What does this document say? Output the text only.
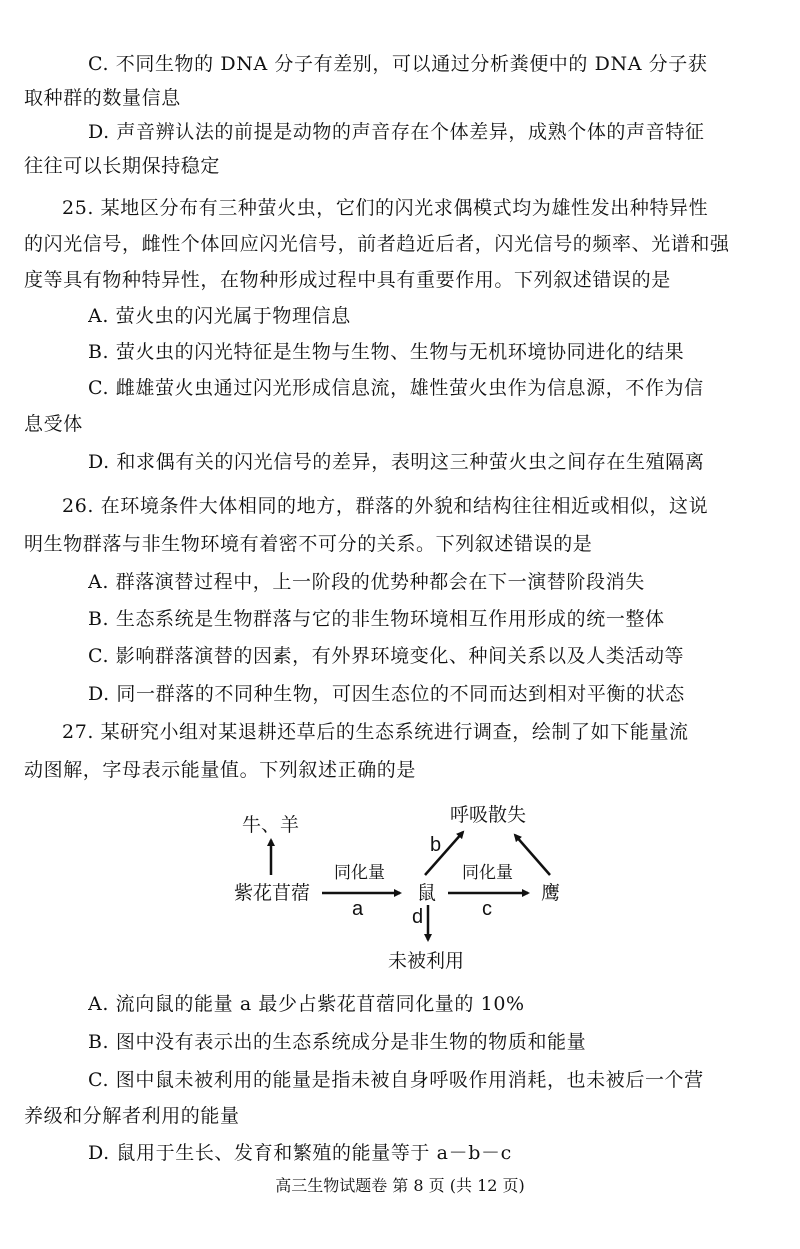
C. 不同生物的 DNA 分子有差别，可以通过分析粪便中的 DNA 分子获
取种群的数量信息
D. 声音辨认法的前提是动物的声音存在个体差异，成熟个体的声音特征
往往可以长期保持稳定
25. 某地区分布有三种萤火虫，它们的闪光求偶模式均为雄性发出种特异性
的闪光信号，雌性个体回应闪光信号，前者趋近后者，闪光信号的频率、光谱和强
度等具有物种特异性，在物种形成过程中具有重要作用。下列叙述错误的是
A. 萤火虫的闪光属于物理信息
B. 萤火虫的闪光特征是生物与生物、生物与无机环境协同进化的结果
C. 雌雄萤火虫通过闪光形成信息流，雄性萤火虫作为信息源，不作为信
息受体
D. 和求偶有关的闪光信号的差异，表明这三种萤火虫之间存在生殖隔离
26. 在环境条件大体相同的地方，群落的外貌和结构往往相近或相似，这说
明生物群落与非生物环境有着密不可分的关系。下列叙述错误的是
A. 群落演替过程中，上一阶段的优势种都会在下一演替阶段消失
B. 生态系统是生物群落与它的非生物环境相互作用形成的统一整体
C. 影响群落演替的因素，有外界环境变化、种间关系以及人类活动等
D. 同一群落的不同种生物，可因生态位的不同而达到相对平衡的状态
27. 某研究小组对某退耕还草后的生态系统进行调查，绘制了如下能量流
动图解，字母表示能量值。下列叙述正确的是
牛、羊
紫花苜蓿
同化量
a
鼠
b
呼吸散失
同化量
c
鹰
d
未被利用
A. 流向鼠的能量 a 最少占紫花苜蓿同化量的 10%
B. 图中没有表示出的生态系统成分是非生物的物质和能量
C. 图中鼠未被利用的能量是指未被自身呼吸作用消耗，也未被后一个营
养级和分解者利用的能量
D. 鼠用于生长、发育和繁殖的能量等于 a－b－c
高三生物试题卷 第 8 页 (共 12 页)
